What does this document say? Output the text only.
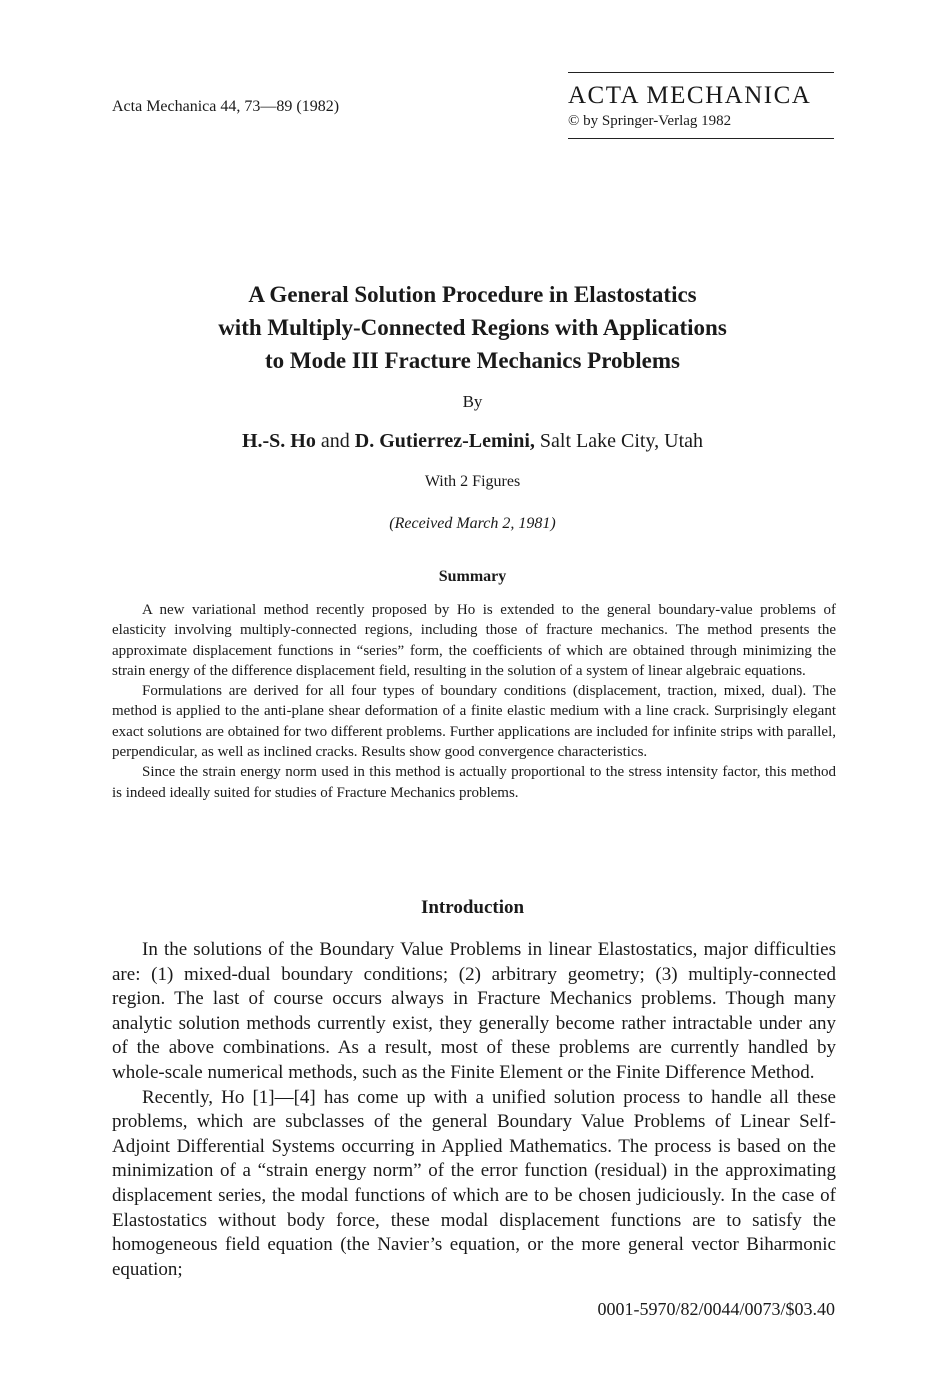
Acta Mechanica 44, 73—89 (1982)	ACTA MECHANICA
© by Springer-Verlag 1982
A General Solution Procedure in Elastostatics
with Multiply-Connected Regions with Applications
to Mode III Fracture Mechanics Problems
By
H.-S. Ho and D. Gutierrez-Lemini, Salt Lake City, Utah
With 2 Figures
(Received March 2, 1981)
Summary

A new variational method recently proposed by Ho is extended to the general boundary-value problems of elasticity involving multiply-connected regions, including those of fracture mechanics. The method presents the approximate displacement functions in “series” form, the coefficients of which are obtained through minimizing the strain energy of the difference displacement field, resulting in the solution of a system of linear algebraic equations.

Formulations are derived for all four types of boundary conditions (displacement, traction, mixed, dual). The method is applied to the anti-plane shear deformation of a finite elastic medium with a line crack. Surprisingly elegant exact solutions are obtained for two different problems. Further applications are included for infinite strips with parallel, perpendicular, as well as inclined cracks. Results show good convergence characteristics.

Since the strain energy norm used in this method is actually proportional to the stress intensity factor, this method is indeed ideally suited for studies of Fracture Mechanics problems.

Introduction

In the solutions of the Boundary Value Problems in linear Elastostatics, major difficulties are: (1) mixed-dual boundary conditions; (2) arbitrary geometry; (3) multiply-connected region. The last of course occurs always in Fracture Mechanics problems. Though many analytic solution methods currently exist, they generally become rather intractable under any of the above combinations. As a result, most of these problems are currently handled by whole-scale numerical methods, such as the Finite Element or the Finite Difference Method.

Recently, Ho [1]—[4] has come up with a unified solution process to handle all these problems, which are subclasses of the general Boundary Value Problems of Linear Self-Adjoint Differential Systems occurring in Applied Mathematics. The process is based on the minimization of a “strain energy norm” of the error function (residual) in the approximating displacement series, the modal functions of which are to be chosen judiciously. In the case of Elastostatics without body force, these modal displacement functions are to satisfy the homogeneous field equation (the Navier’s equation, or the more general vector Biharmonic equation;

0001-5970/82/0044/0073/$03.40
